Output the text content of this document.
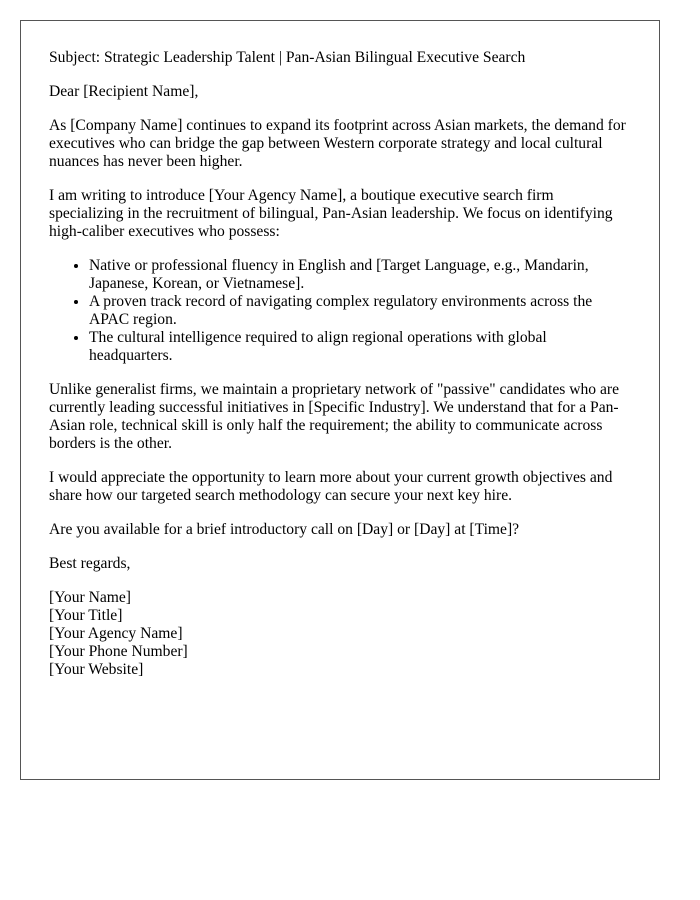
Subject: Strategic Leadership Talent | Pan-Asian Bilingual Executive Search

Dear [Recipient Name],

As [Company Name] continues to expand its footprint across Asian markets, the demand for executives who can bridge the gap between Western corporate strategy and local cultural nuances has never been higher.

I am writing to introduce [Your Agency Name], a boutique executive search firm specializing in the recruitment of bilingual, Pan-Asian leadership. We focus on identifying high-caliber executives who possess:

• Native or professional fluency in English and [Target Language, e.g., Mandarin, Japanese, Korean, or Vietnamese].
• A proven track record of navigating complex regulatory environments across the APAC region.
• The cultural intelligence required to align regional operations with global headquarters.

Unlike generalist firms, we maintain a proprietary network of "passive" candidates who are currently leading successful initiatives in [Specific Industry]. We understand that for a Pan-Asian role, technical skill is only half the requirement; the ability to communicate across borders is the other.

I would appreciate the opportunity to learn more about your current growth objectives and share how our targeted search methodology can secure your next key hire.

Are you available for a brief introductory call on [Day] or [Day] at [Time]?

Best regards,

[Your Name]
[Your Title]
[Your Agency Name]
[Your Phone Number]
[Your Website]
